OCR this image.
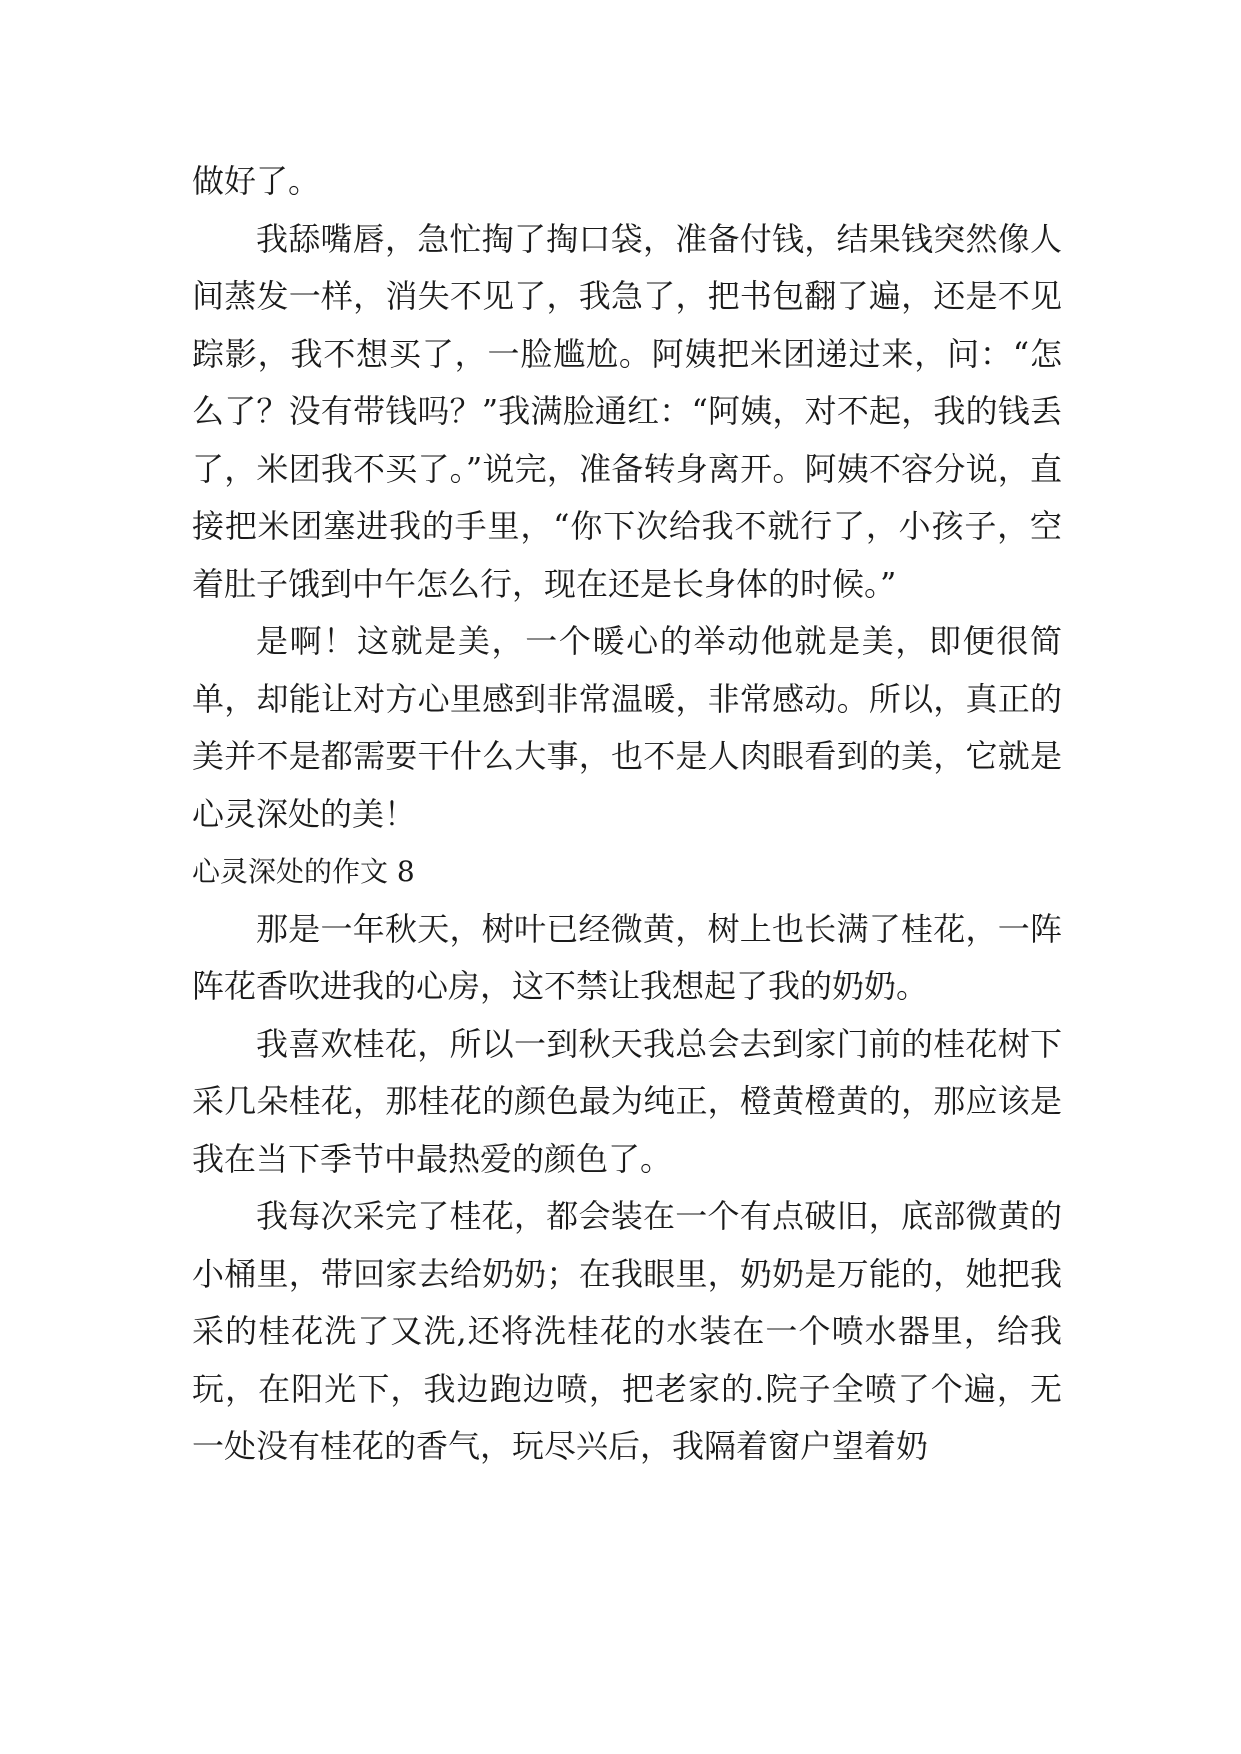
做好了。

我舔嘴唇，急忙掏了掏口袋，准备付钱，结果钱突然像人间蒸发一样，消失不见了，我急了，把书包翻了遍，还是不见踪影，我不想买了，一脸尴尬。阿姨把米团递过来，问：“怎么了？没有带钱吗？”我满脸通红：“阿姨，对不起，我的钱丢了，米团我不买了。”说完，准备转身离开。阿姨不容分说，直接把米团塞进我的手里，“你下次给我不就行了，小孩子，空着肚子饿到中午怎么行，现在还是长身体的时候。”

是啊！这就是美，一个暖心的举动他就是美，即便很简单，却能让对方心里感到非常温暖，非常感动。所以，真正的美并不是都需要干什么大事，也不是人肉眼看到的美，它就是心灵深处的美！

心灵深处的作文 8

那是一年秋天，树叶已经微黄，树上也长满了桂花，一阵阵花香吹进我的心房，这不禁让我想起了我的奶奶。

我喜欢桂花，所以一到秋天我总会去到家门前的桂花树下采几朵桂花，那桂花的颜色最为纯正，橙黄橙黄的，那应该是我在当下季节中最热爱的颜色了。

我每次采完了桂花，都会装在一个有点破旧，底部微黄的小桶里，带回家去给奶奶；在我眼里，奶奶是万能的，她把我采的桂花洗了又洗,还将洗桂花的水装在一个喷水器里，给我玩，在阳光下，我边跑边喷，把老家的.院子全喷了个遍，无一处没有桂花的香气，玩尽兴后，我隔着窗户望着奶
